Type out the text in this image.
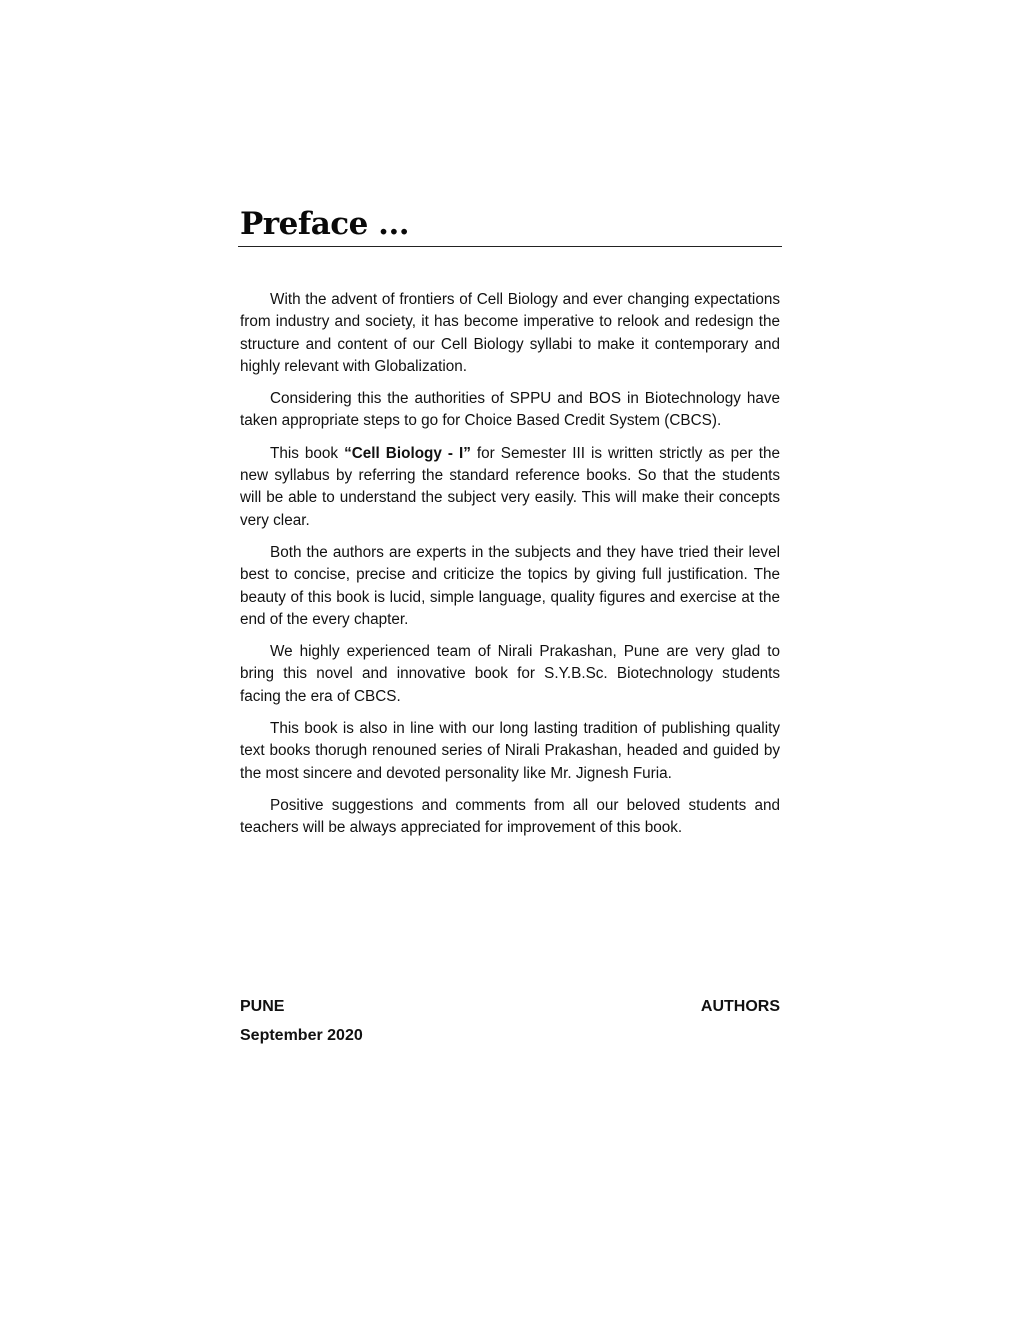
Preface ...

With the advent of frontiers of Cell Biology and ever changing expectations from industry and society, it has become imperative to relook and redesign the structure and content of our Cell Biology syllabi to make it contemporary and highly relevant with Globalization.

Considering this the authorities of SPPU and BOS in Biotechnology have taken appropriate steps to go for Choice Based Credit System (CBCS).

This book “Cell Biology - I” for Semester III is written strictly as per the new syllabus by referring the standard reference books. So that the students will be able to understand the subject very easily. This will make their concepts very clear.

Both the authors are experts in the subjects and they have tried their level best to concise, precise and criticize the topics by giving full justification. The beauty of this book is lucid, simple language, quality figures and exercise at the end of the every chapter.

We highly experienced team of Nirali Prakashan, Pune are very glad to bring this novel and innovative book for S.Y.B.Sc. Biotechnology students facing the era of CBCS.

This book is also in line with our long lasting tradition of publishing quality text books thorugh renouned series of Nirali Prakashan, headed and guided by the most sincere and devoted personality like Mr. Jignesh Furia.

Positive suggestions and comments from all our beloved students and teachers will be always appreciated for improvement of this book.

PUNE	AUTHORS
September 2020
